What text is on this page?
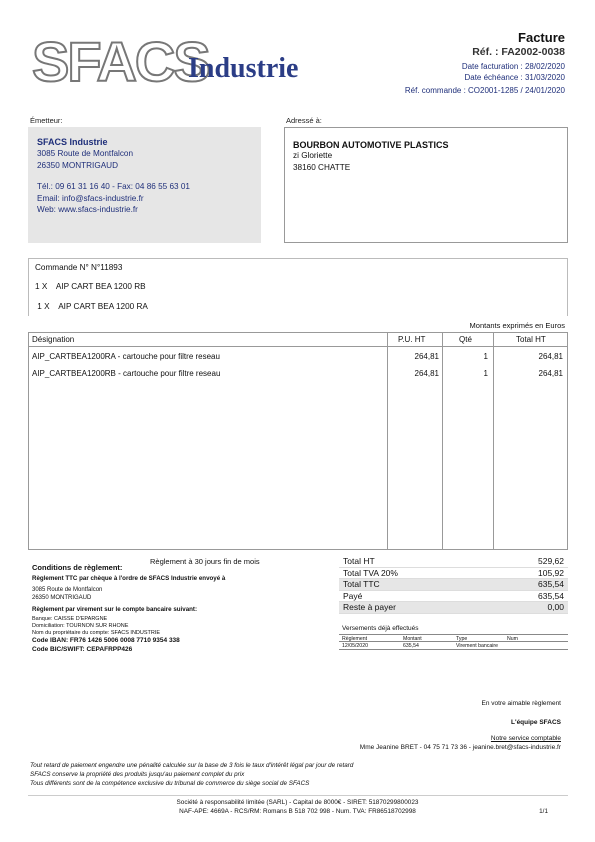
SFACS
Industrie
Facture
Réf. : FA2002-0038
Date facturation : 28/02/2020
Date échéance : 31/03/2020
Réf. commande : CO2001-1285 / 24/01/2020
Émetteur:	Adressé à:
SFACS Industrie
3085 Route de Montfalcon
26350 MONTRIGAUD
Tél.: 09 61 31 16 40 - Fax: 04 86 55 63 01
Email: info@sfacs-industrie.fr
Web: www.sfacs-industrie.fr
BOURBON AUTOMOTIVE PLASTICS
zi Gloriette
38160 CHATTE
Commande N° N°11893
1 X    AIP CART BEA 1200 RB
1 X    AIP CART BEA 1200 RA
Montants exprimés en Euros
Désignation	P.U. HT	Qté	Total HT
AIP_CARTBEA1200RA - cartouche pour filtre reseau	264,81	1	264,81
AIP_CARTBEA1200RB - cartouche pour filtre reseau	264,81	1	264,81
Conditions de règlement:
Règlement à 30 jours fin de mois
Règlement TTC par chèque à l'ordre de SFACS Industrie envoyé à
3085 Route de Montfalcon
26350 MONTRIGAUD
Règlement par virement sur le compte bancaire suivant:
Banque: CAISSE D'EPARGNE
Domiciliation: TOURNON SUR RHONE
Nom du propriétaire du compte: SFACS INDUSTRIE
Code IBAN: FR76 1426 5006 0008 7710 9354 338
Code BIC/SWIFT: CEPAFRPP426
Total HT	529,62
Total TVA 20%	105,92
Total TTC	635,54
Payé	635,54
Reste à payer	0,00
Versements déjà effectués
Règlement	Montant	Type	Num
12/05/2020	635,54	Virement bancaire
En votre aimable règlement
L'équipe SFACS
Notre service comptable
Mme Jeanine BRET - 04 75 71 73 36 - jeanine.bret@sfacs-industrie.fr
Tout retard de paiement engendre une pénalité calculée sur la base de 3 fois le taux d'intérêt légal par jour de retard
SFACS conserve la propriété des produits jusqu'au paiement complet du prix
Tous différents sont de la compétence exclusive du tribunal de commerce du siège social de SFACS
Société à responsabilité limitée (SARL) - Capital de 8000€ - SIRET: 51870299800023
NAF-APE: 4669A - RCS/RM: Romans B 518 702 998 - Num. TVA: FR86518702998	1/1
